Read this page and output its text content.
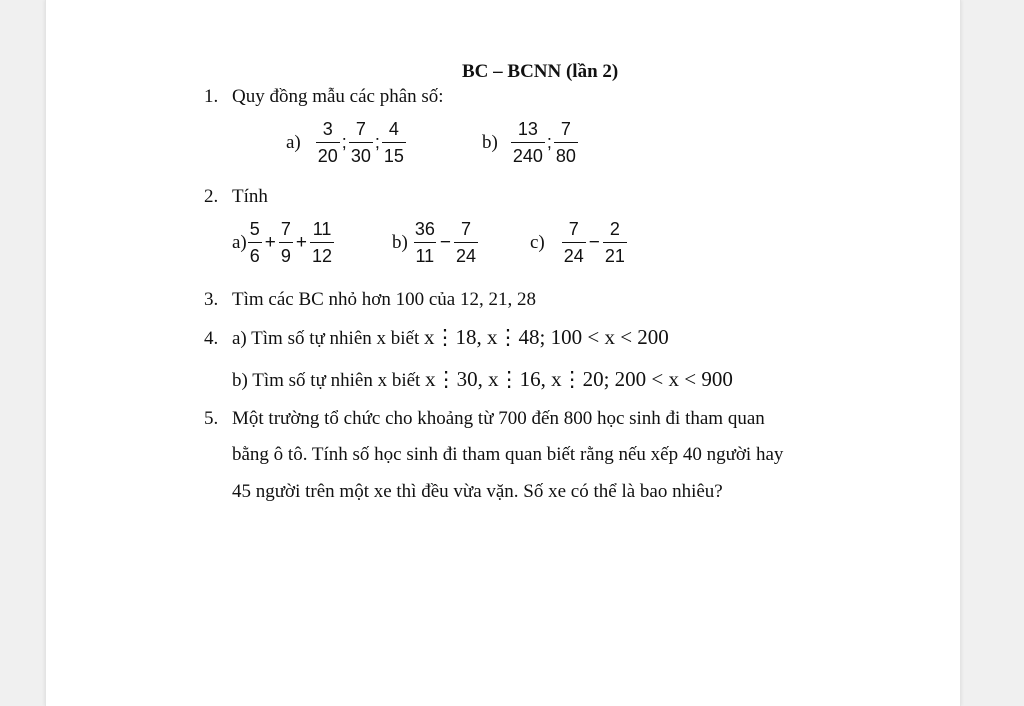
BC – BCNN (lần 2)
1. Quy đồng mẫu các phân số:
$a) \frac{3}{20}$ ; $\frac{7}{30}$ ; $\frac{4}{15}$	$b) \frac{13}{240}$ ; $\frac{7}{80}$
2. Tính
$a) \frac{5}{6} + \frac{7}{9} + \frac{11}{12}$	$b) \frac{36}{11} - \frac{7}{24}$	$c) \frac{7}{24} - \frac{2}{21}$
3. Tìm các BC nhỏ hơn 100 của 12, 21, 28
4. a) Tìm số tự nhiên x biết x⋮18, x⋮48; 100 < x < 200
b) Tìm số tự nhiên x biết x⋮30, x⋮16, x⋮20; 200 < x < 900
5. Một trường tổ chức cho khoảng từ 700 đến 800 học sinh đi tham quan
bằng ô tô. Tính số học sinh đi tham quan biết rằng nếu xếp 40 người hay
45 người trên một xe thì đều vừa vặn. Số xe có thể là bao nhiêu?
